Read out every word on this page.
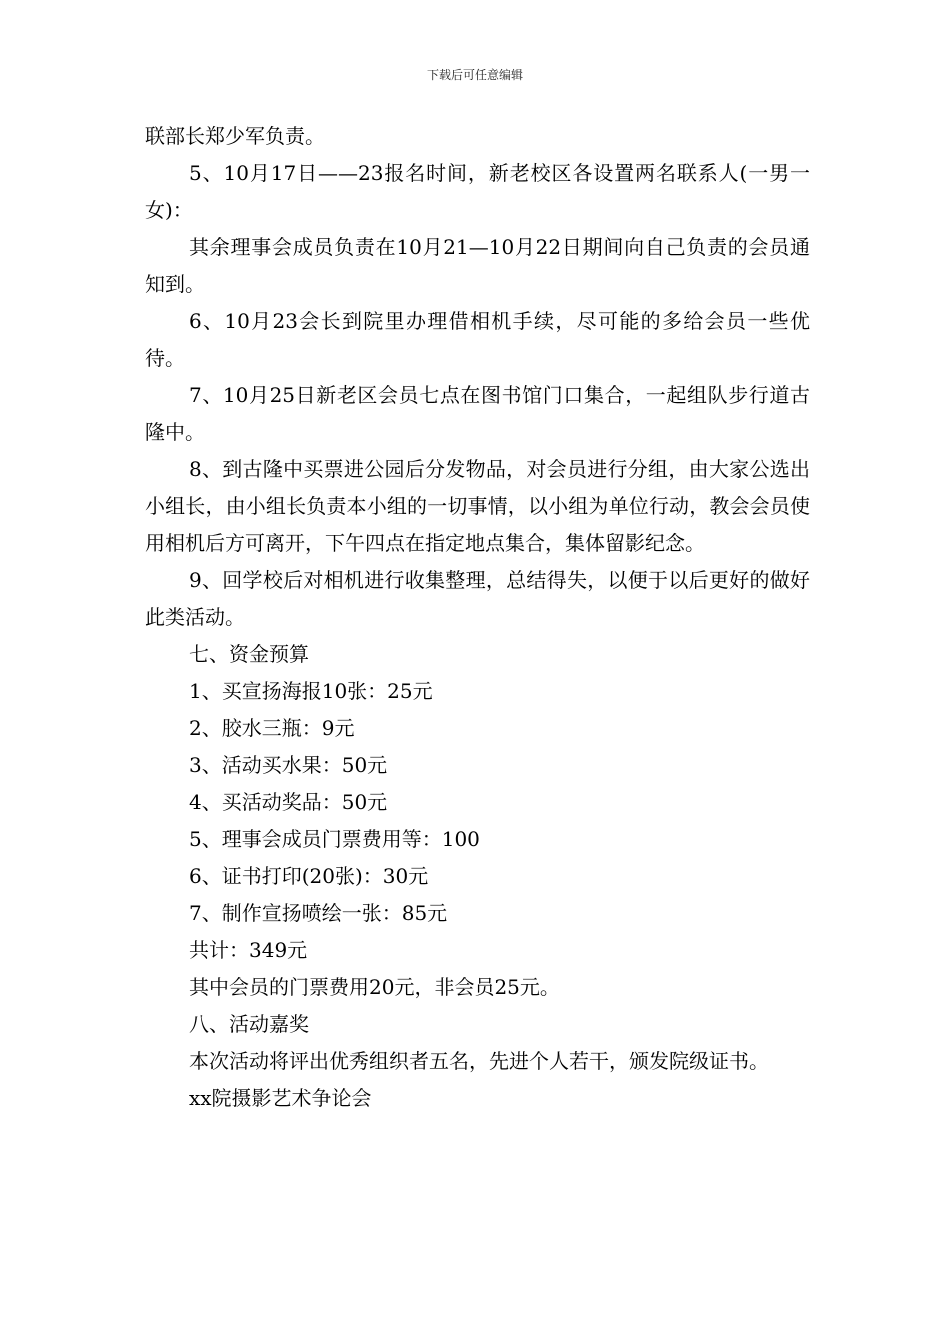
下载后可任意编辑

联部长郑少军负责。

5、10月17日——23报名时间，新老校区各设置两名联系人(一男一女)：

其余理事会成员负责在10月21—10月22日期间向自己负责的会员通知到。

6、10月23会长到院里办理借相机手续，尽可能的多给会员一些优待。

7、10月25日新老区会员七点在图书馆门口集合，一起组队步行道古隆中。

8、到古隆中买票进公园后分发物品，对会员进行分组，由大家公选出小组长，由小组长负责本小组的一切事情，以小组为单位行动，教会会员使用相机后方可离开，下午四点在指定地点集合，集体留影纪念。

9、回学校后对相机进行收集整理，总结得失，以便于以后更好的做好此类活动。

七、资金预算

1、买宣扬海报10张：25元

2、胶水三瓶：9元

3、活动买水果：50元

4、买活动奖品：50元

5、理事会成员门票费用等：100

6、证书打印(20张)：30元

7、制作宣扬喷绘一张：85元

共计：349元

其中会员的门票费用20元，非会员25元。

八、活动嘉奖

本次活动将评出优秀组织者五名，先进个人若干，颁发院级证书。

xx院摄影艺术争论会
